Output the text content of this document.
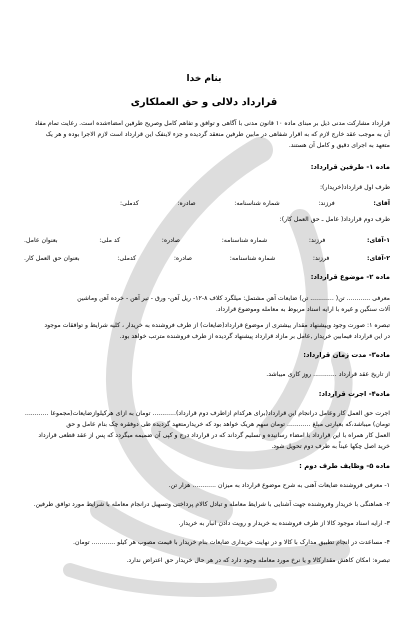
بنام خدا
قرارداد دلالی و حق العملکاری
قرارداد مشارکت مدنی ذیل بر مبنای ماده ۱۰ قانون مدنی با آگاهی و توافق و تفاهم کامل وصریح طرفین امضاءشده است. رعایت تمام مفاد
آن به موجب عقد خارج لازم که به اقرار شفاهی در مابین طرفین منعقد گردیده و جزء لاینفک این قرارداد است لازم الاجرا بوده و هر یک
متعهد به اجرای دقیق و کامل آن هستند.
ماده ۱- طرفین قرارداد:
طرف اول قرارداد(خریدار):
آقای:
فرزند:
شماره شناسنامه:
صادره:
کدملی:
طرف دوم قرارداد( عامل ـ حق العمل کار):
۱-آقای:
فرزند:
شماره شناسنامه:
صادره:
کد ملی:
بعنوان عامل.
۲-آقای:
فرزند:
شماره شناسنامه:
صادره:
کدملی:
بعنوان حق العمل کار.
ماده ۲- موضوع قرارداد:
معرفی ............ تن( ............ تن) ضایعات آهن مشتمل: میلگرد کلاف ۸-۱۲- ریل آهن- ورق - تیر آهن - خرده آهن وماشین
آلات سنگین و غیره با ارایه اسناد مربوط به معامله وموضوع قرارداد.
تبصره ۱: صورت وجود وپیشنهاد مقدار بیشتری از موضوع قرارداد(ضایعات) از طرف فروشنده به خریدار ، کلیه شرایط و توافقات موجود
در این قرارداد فیمابین خریدار ,عامل بر مازاد قرارداد پیشنهاد گردیده از طرف فروشنده مترتب خواهد بود.
ماده۳- مدت زمان قرارداد:
از تاریخ عقد قرارداد ............ روز کاری میباشد.
ماده۴- اجرت قرارداد:
اجرت حق العمل کار وعامل درانجام این قرارداد(برای هرکدام ازاطرف دوم قرارداد)............ تومان به ازای هرکیلوازضایعات(مجموعا ............
تومان) میباشد،که بعبارتی مبلغ ............ تومان سهم هریک خواهد بود که خریدارمتعهد گردیده طی دوفقره چک بنام عامل و حق
العمل کار همراه با این قرارداد با امضاء رسانیده و تسلیم گرداند که در قرارداد درج و کپی آن ضمیمه میگردد که پس از عقد قطعی قرارداد
خرید اصل چکها عیناً به طرف دوم تحویل شود.
ماده ۵- وظایف طرف دوم :
۱- معرفی فروشنده ضایعات آهنی به شرح موضوع قرارداد به میزان ............ هزار تن.
۲- هماهنگی با خریدار وفروشنده جهت آشنایی با شرایط معامله و تبادل کالام پرداختی وتسهیل درانجام معامله با شرایط مورد توافق طرفین.
۳- ارایه اسناد موجود کالا از طرف فروشنده به خریدار و رویت دادن انبار به خریدار.
۴- مساعدت در انجام تطبیق مدارک با کالا و در نهایت خریداری ضایعات بنام خریدار با قیمت مصوب هر کیلو ............ تومان.
تبصره: امکان کاهش مقدارکالا و یا نرخ مورد معامله وجود دارد که در هر حال خریدار حق اعتراض ندارد.
